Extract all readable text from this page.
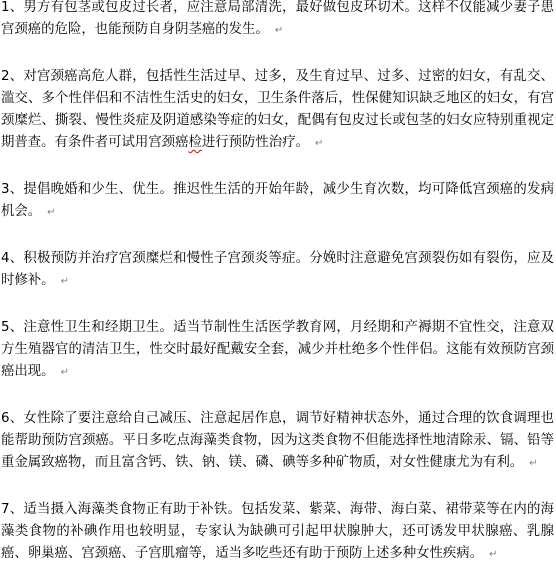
1、男方有包茎或包皮过长者，应注意局部清洗，最好做包皮环切术。这样不仅能减少妻子患宫颈癌的危险，也能预防自身阴茎癌的发生。 ↵

2、对宫颈癌高危人群，包括性生活过早、过多，及生育过早、过多、过密的妇女，有乱交、滥交、多个性伴侣和不洁性生活史的妇女，卫生条件落后，性保健知识缺乏地区的妇女，有宫颈糜烂、撕裂、慢性炎症及阴道感染等症的妇女，配偶有包皮过长或包茎的妇女应特别重视定期普查。有条件者可试用宫颈癌检进行预防性治疗。 ↵

3、提倡晚婚和少生、优生。推迟性生活的开始年龄，减少生育次数，均可降低宫颈癌的发病机会。 ↵

4、积极预防并治疗宫颈糜烂和慢性子宫颈炎等症。分娩时注意避免宫颈裂伤如有裂伤，应及时修补。 ↵

5、注意性卫生和经期卫生。适当节制性生活医学教育网，月经期和产褥期不宜性交，注意双方生殖器官的清洁卫生，性交时最好配戴安全套，减少并杜绝多个性伴侣。这能有效预防宫颈癌出现。 ↵

6、女性除了要注意给自己减压、注意起居作息，调节好精神状态外，通过合理的饮食调理也能帮助预防宫颈癌。平日多吃点海藻类食物，因为这类食物不但能选择性地清除汞、镉、铅等重金属致癌物，而且富含钙、铁、钠、镁、磷、碘等多种矿物质，对女性健康尤为有利。 ↵

7、适当摄入海藻类食物正有助于补铁。包括发菜、紫菜、海带、海白菜、裙带菜等在内的海藻类食物的补碘作用也较明显，专家认为缺碘可引起甲状腺肿大，还可诱发甲状腺癌、乳腺癌、卵巢癌、宫颈癌、子宫肌瘤等，适当多吃些还有助于预防上述多种女性疾病。 ↵
